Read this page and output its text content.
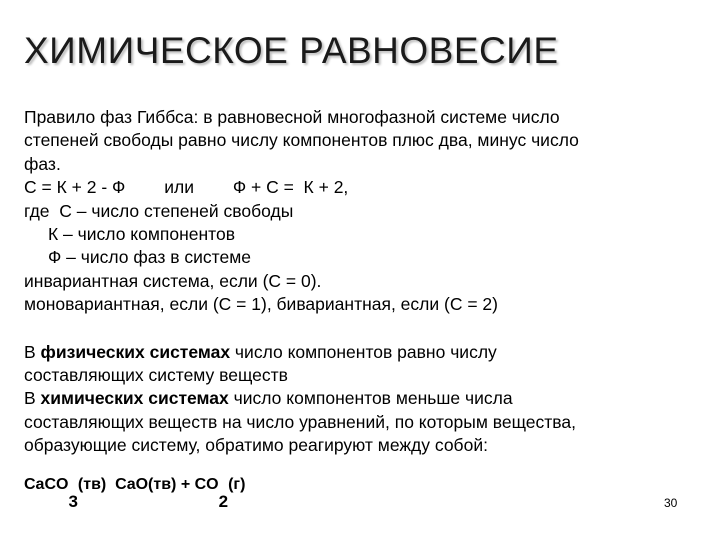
ХИМИЧЕСКОЕ РАВНОВЕСИЕ
Правило фаз Гиббса: в равновесной многофазной системе число
степеней свободы равно числу компонентов плюс два, минус число
фаз.
С = К + 2 - Ф        или        Ф + С =  К + 2,
где  С – число степеней свободы
К – число компонентов
Ф – число фаз в системе
инвариантная система, если (С = 0).
моновариантная, если (С = 1), бивариантная, если (С = 2)
В физических системах число компонентов равно числу
составляющих систему веществ
В химических системах число компонентов меньше числа
составляющих веществ на число уравнений, по которым вещества,
образующие систему, обратимо реагируют между собой:
CaCO3(тв)  CaO(тв) + CO2(г)
30
